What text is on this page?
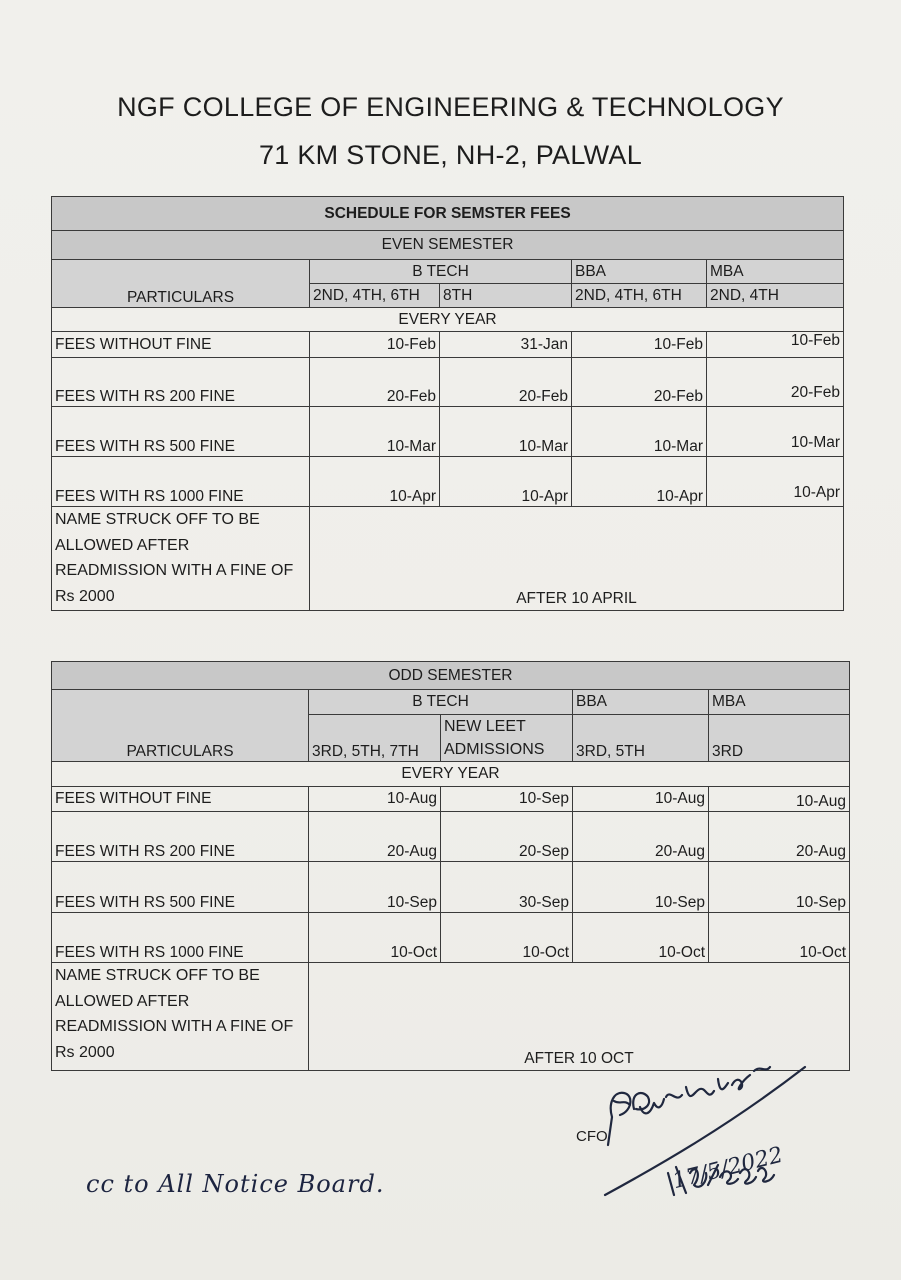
NGF COLLEGE OF ENGINEERING & TECHNOLOGY
71 KM STONE, NH-2, PALWAL
SCHEDULE FOR SEMSTER FEES				
EVEN SEMESTER				
PARTICULARS	B TECH		BBA	MBA
	2ND, 4TH, 6TH	8TH	2ND, 4TH, 6TH	2ND, 4TH
EVERY YEAR				
FEES WITHOUT FINE	10-Feb	31-Jan	10-Feb	10-Feb
FEES WITH RS 200 FINE	20-Feb	20-Feb	20-Feb	20-Feb
FEES WITH RS 500 FINE	10-Mar	10-Mar	10-Mar	10-Mar
FEES WITH RS 1000 FINE	10-Apr	10-Apr	10-Apr	10-Apr
NAME STRUCK OFF TO BE
ALLOWED AFTER
READMISSION WITH A FINE OF
Rs 2000	AFTER 10 APRIL			
ODD SEMESTER				
PARTICULARS	B TECH		BBA	MBA
	3RD, 5TH, 7TH	NEW LEET
ADMISSIONS	3RD, 5TH	3RD
EVERY YEAR				
FEES WITHOUT FINE	10-Aug	10-Sep	10-Aug	10-Aug
FEES WITH RS 200 FINE	20-Aug	20-Sep	20-Aug	20-Aug
FEES WITH RS 500 FINE	10-Sep	30-Sep	10-Sep	10-Sep
FEES WITH RS 1000 FINE	10-Oct	10-Oct	10-Oct	10-Oct
NAME STRUCK OFF TO BE
ALLOWED AFTER
READMISSION WITH A FINE OF
Rs 2000	AFTER 10 OCT			
CFO
17/5/2022
cc to All Notice Board.
